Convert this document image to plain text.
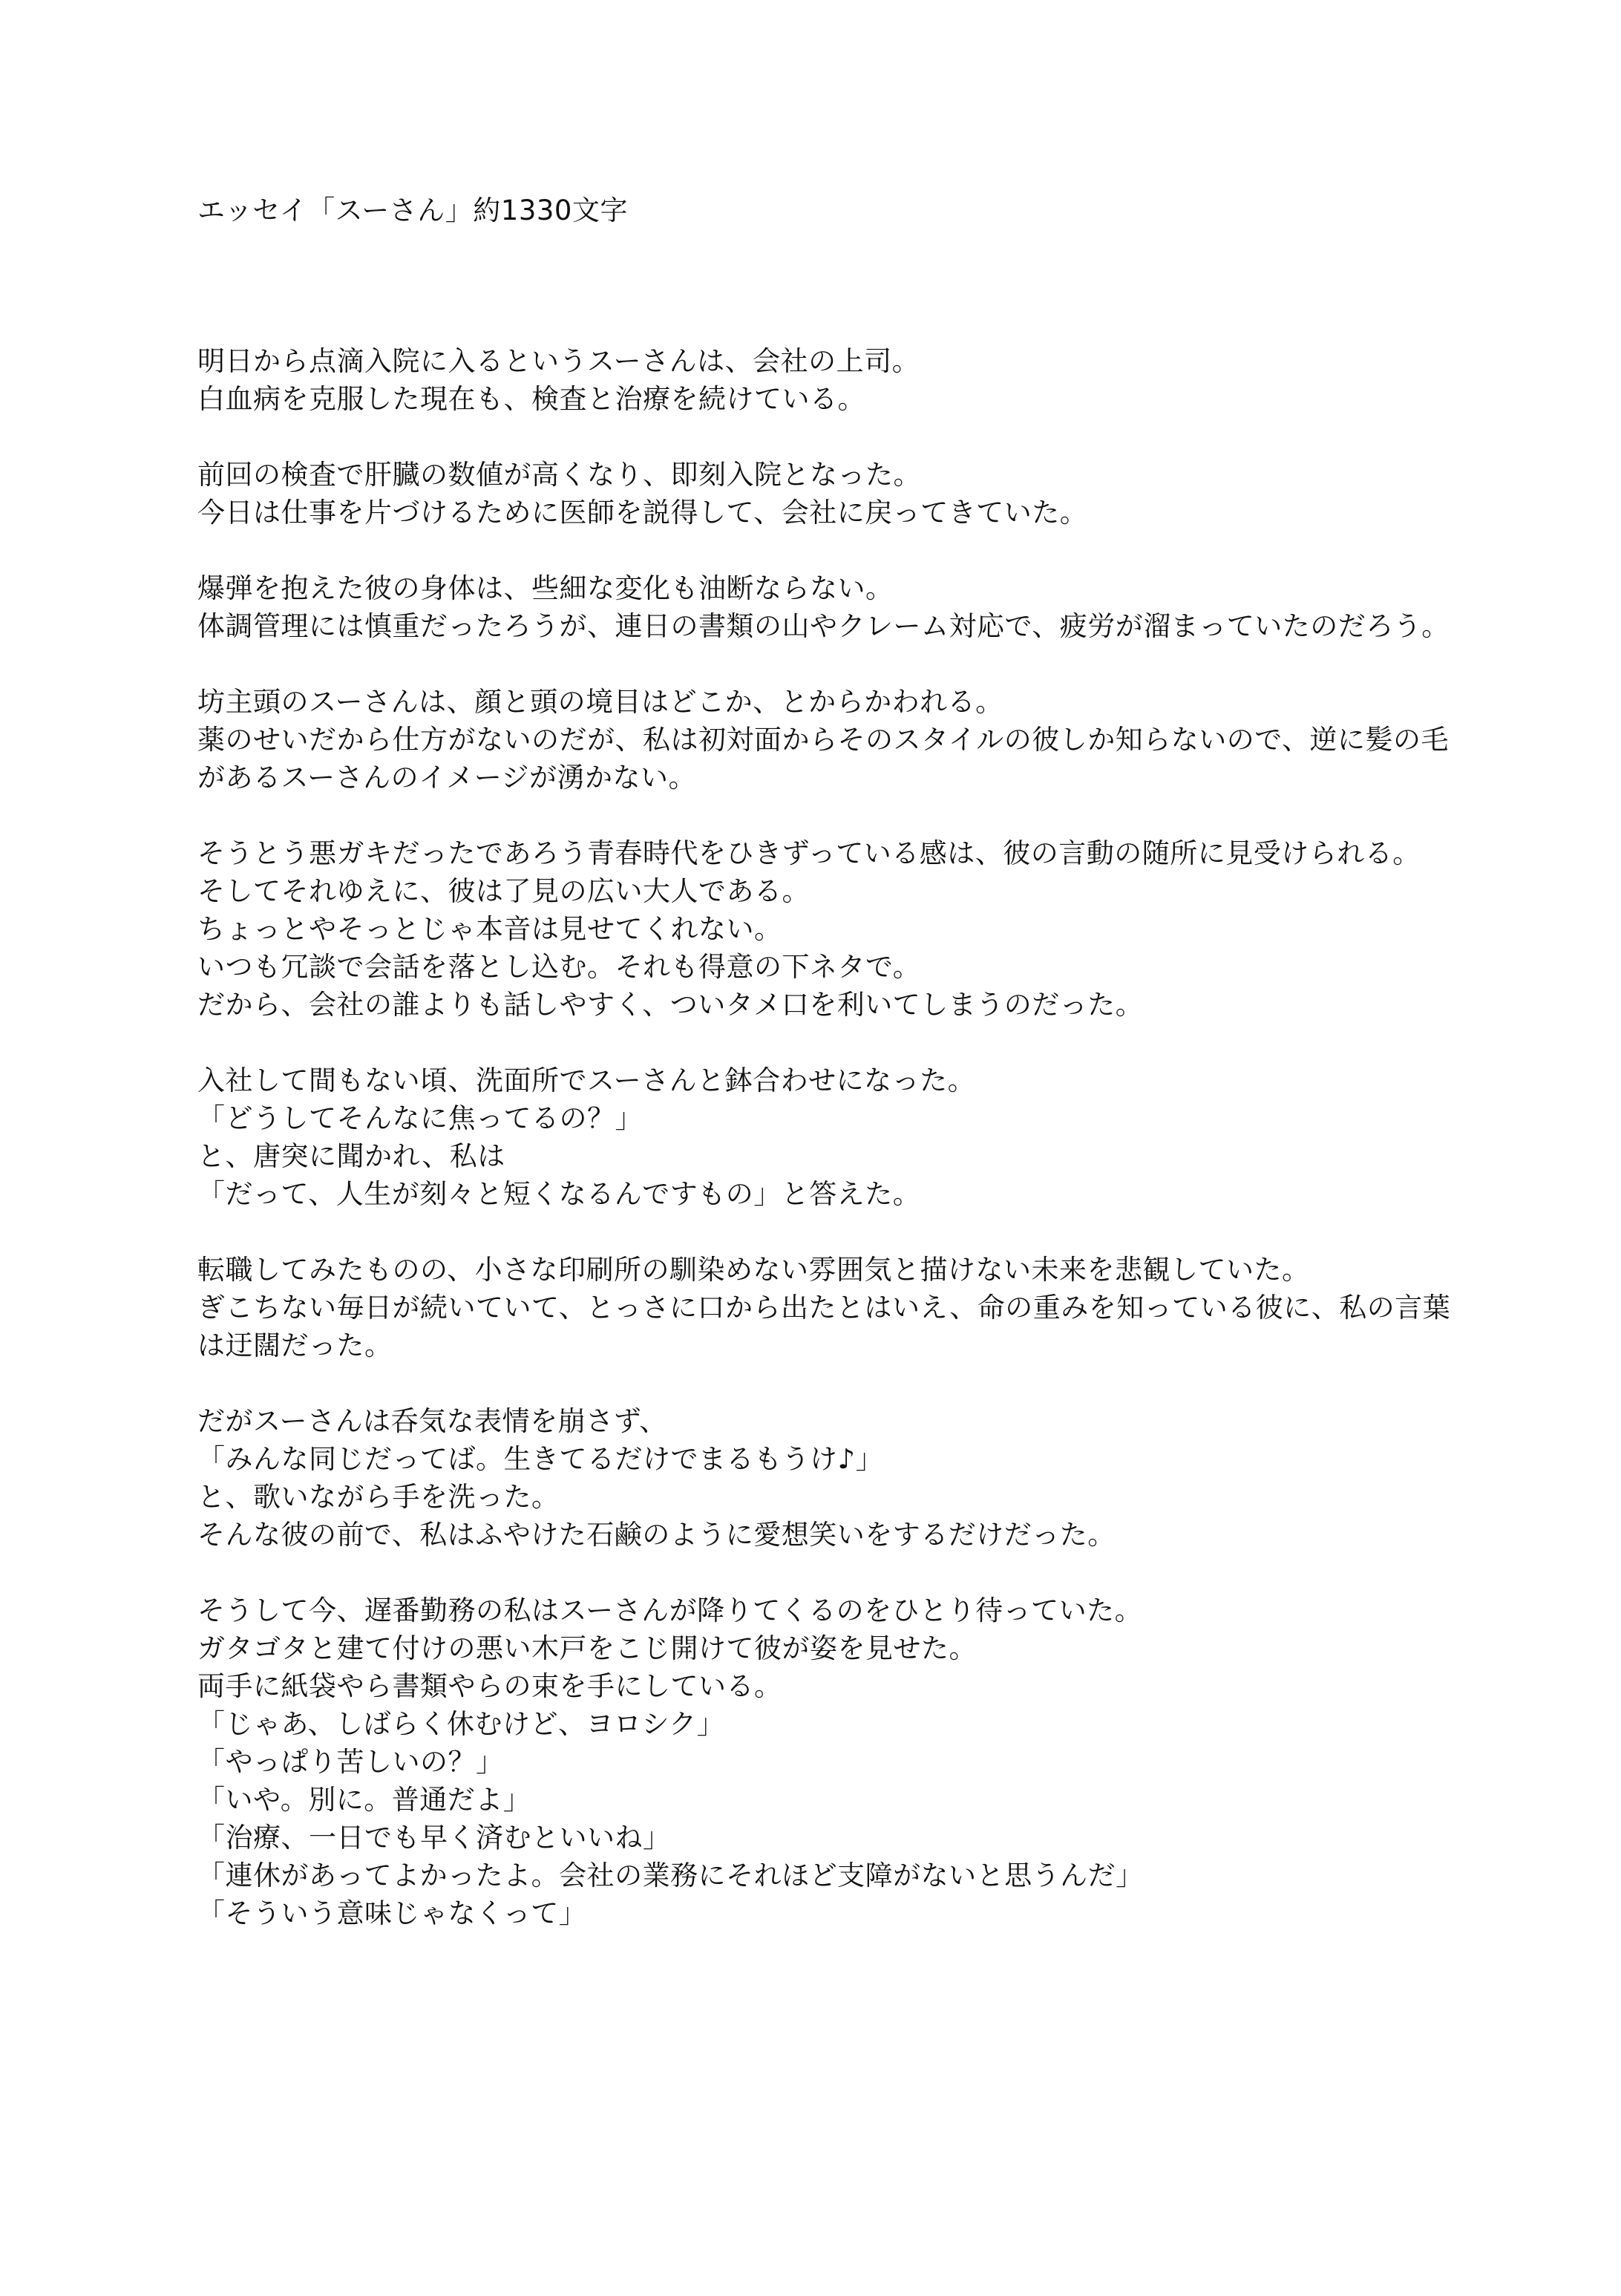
エッセイ「スーさん」約1330文字
明日から点滴入院に入るというスーさんは、会社の上司。
白血病を克服した現在も、検査と治療を続けている。
前回の検査で肝臓の数値が高くなり、即刻入院となった。
今日は仕事を片づけるために医師を説得して、会社に戻ってきていた。
爆弾を抱えた彼の身体は、些細な変化も油断ならない。
体調管理には慎重だったろうが、連日の書類の山やクレーム対応で、疲労が溜まっていたのだろう。
坊主頭のスーさんは、顔と頭の境目はどこか、とからかわれる。
薬のせいだから仕方がないのだが、私は初対面からそのスタイルの彼しか知らないので、逆に髪の毛があるスーさんのイメージが湧かない。
そうとう悪ガキだったであろう青春時代をひきずっている感は、彼の言動の随所に見受けられる。
そしてそれゆえに、彼は了見の広い大人である。
ちょっとやそっとじゃ本音は見せてくれない。
いつも冗談で会話を落とし込む。それも得意の下ネタで。
だから、会社の誰よりも話しやすく、ついタメ口を利いてしまうのだった。
入社して間もない頃、洗面所でスーさんと鉢合わせになった。
「どうしてそんなに焦ってるの？」
と、唐突に聞かれ、私は
「だって、人生が刻々と短くなるんですもの」と答えた。
転職してみたものの、小さな印刷所の馴染めない雰囲気と描けない未来を悲観していた。
ぎこちない毎日が続いていて、とっさに口から出たとはいえ、命の重みを知っている彼に、私の言葉は迂闊だった。
だがスーさんは呑気な表情を崩さず、
「みんな同じだってば。生きてるだけでまるもうけ♪」
と、歌いながら手を洗った。
そんな彼の前で、私はふやけた石鹸のように愛想笑いをするだけだった。
そうして今、遅番勤務の私はスーさんが降りてくるのをひとり待っていた。
ガタゴタと建て付けの悪い木戸をこじ開けて彼が姿を見せた。
両手に紙袋やら書類やらの束を手にしている。
「じゃあ、しばらく休むけど、ヨロシク」
「やっぱり苦しいの？」
「いや。別に。普通だよ」
「治療、一日でも早く済むといいね」
「連休があってよかったよ。会社の業務にそれほど支障がないと思うんだ」
「そういう意味じゃなくって」
